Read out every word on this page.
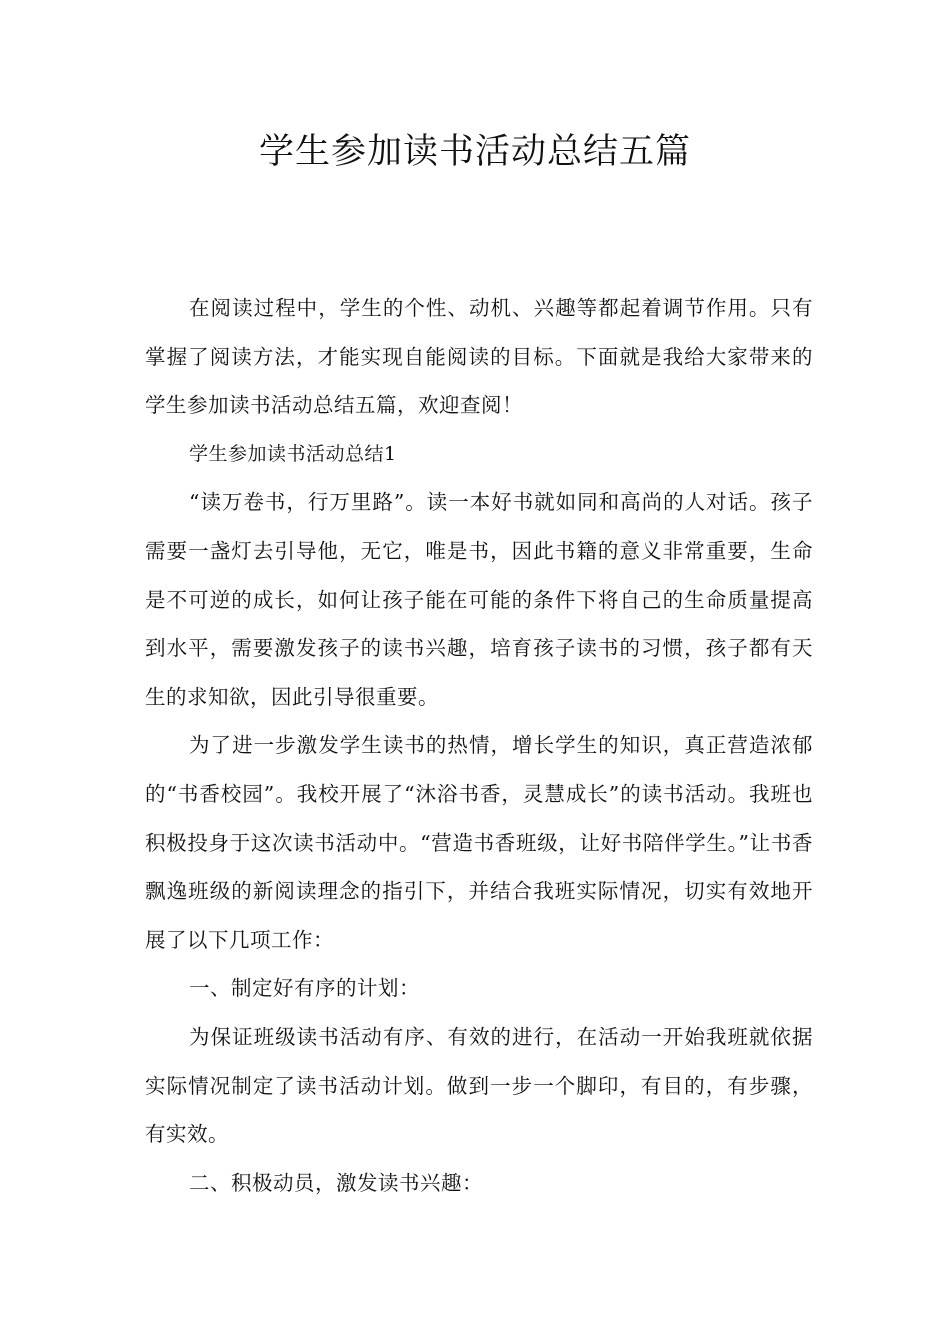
学生参加读书活动总结五篇

在阅读过程中，学生的个性、动机、兴趣等都起着调节作用。只有掌握了阅读方法，才能实现自能阅读的目标。下面就是我给大家带来的学生参加读书活动总结五篇，欢迎查阅！

学生参加读书活动总结1

“读万卷书，行万里路”。读一本好书就如同和高尚的人对话。孩子需要一盏灯去引导他，无它，唯是书，因此书籍的意义非常重要，生命是不可逆的成长，如何让孩子能在可能的条件下将自己的生命质量提高到水平，需要激发孩子的读书兴趣，培育孩子读书的习惯，孩子都有天生的求知欲，因此引导很重要。

为了进一步激发学生读书的热情，增长学生的知识，真正营造浓郁的“书香校园”。我校开展了“沐浴书香，灵慧成长”的读书活动。我班也积极投身于这次读书活动中。“营造书香班级，让好书陪伴学生。”让书香飘逸班级的新阅读理念的指引下，并结合我班实际情况，切实有效地开展了以下几项工作：

一、制定好有序的计划：

为保证班级读书活动有序、有效的进行，在活动一开始我班就依据实际情况制定了读书活动计划。做到一步一个脚印，有目的，有步骤，有实效。

二、积极动员，激发读书兴趣：
